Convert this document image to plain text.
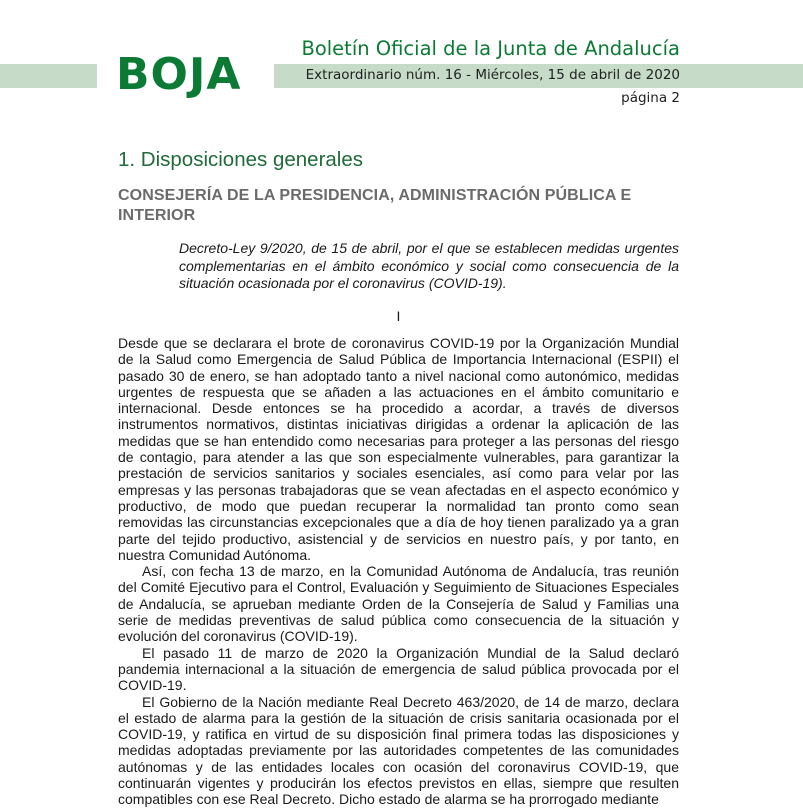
BOJA
Boletín Oficial de la Junta de Andalucía
Extraordinario núm. 16 - Miércoles, 15 de abril de 2020
página 2
1. Disposiciones generales
CONSEJERÍA DE LA PRESIDENCIA, ADMINISTRACIÓN PÚBLICA E INTERIOR
Decreto-Ley 9/2020, de 15 de abril, por el que se establecen medidas urgentes complementarias en el ámbito económico y social como consecuencia de la situación ocasionada por el coronavirus (COVID-19).
I

Desde que se declarara el brote de coronavirus COVID-19 por la Organización Mundial de la Salud como Emergencia de Salud Pública de Importancia Internacional (ESPII) el pasado 30 de enero, se han adoptado tanto a nivel nacional como autonómico, medidas urgentes de respuesta que se añaden a las actuaciones en el ámbito comunitario e internacional. Desde entonces se ha procedido a acordar, a través de diversos instrumentos normativos, distintas iniciativas dirigidas a ordenar la aplicación de las medidas que se han entendido como necesarias para proteger a las personas del riesgo de contagio, para atender a las que son especialmente vulnerables, para garantizar la prestación de servicios sanitarios y sociales esenciales, así como para velar por las empresas y las personas trabajadoras que se vean afectadas en el aspecto económico y productivo, de modo que puedan recuperar la normalidad tan pronto como sean removidas las circunstancias excepcionales que a día de hoy tienen paralizado ya a gran parte del tejido productivo, asistencial y de servicios en nuestro país, y por tanto, en nuestra Comunidad Autónoma.

Así, con fecha 13 de marzo, en la Comunidad Autónoma de Andalucía, tras reunión del Comité Ejecutivo para el Control, Evaluación y Seguimiento de Situaciones Especiales de Andalucía, se aprueban mediante Orden de la Consejería de Salud y Familias una serie de medidas preventivas de salud pública como consecuencia de la situación y evolución del coronavirus (COVID-19).

El pasado 11 de marzo de 2020 la Organización Mundial de la Salud declaró pandemia internacional a la situación de emergencia de salud pública provocada por el COVID-19.

El Gobierno de la Nación mediante Real Decreto 463/2020, de 14 de marzo, declara el estado de alarma para la gestión de la situación de crisis sanitaria ocasionada por el COVID-19, y ratifica en virtud de su disposición final primera todas las disposiciones y medidas adoptadas previamente por las autoridades competentes de las comunidades autónomas y de las entidades locales con ocasión del coronavirus COVID-19, que continuarán vigentes y producirán los efectos previstos en ellas, siempre que resulten compatibles con ese Real Decreto. Dicho estado de alarma se ha prorrogado mediante
